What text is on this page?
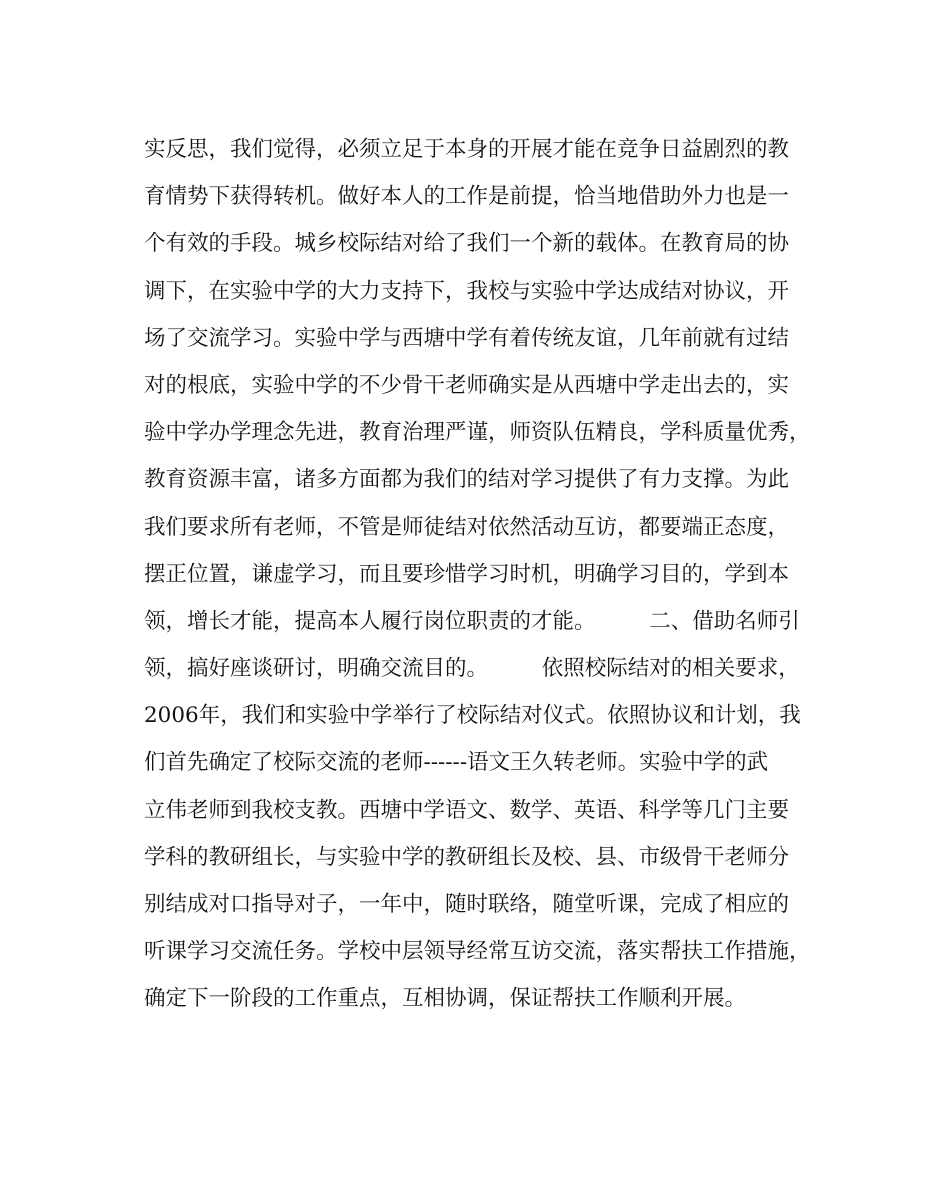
实反思，我们觉得，必须立足于本身的开展才能在竞争日益剧烈的教
育情势下获得转机。做好本人的工作是前提，恰当地借助外力也是一
个有效的手段。城乡校际结对给了我们一个新的载体。在教育局的协
调下，在实验中学的大力支持下，我校与实验中学达成结对协议，开
场了交流学习。实验中学与西塘中学有着传统友谊，几年前就有过结
对的根底，实验中学的不少骨干老师确实是从西塘中学走出去的，实
验中学办学理念先进，教育治理严谨，师资队伍精良，学科质量优秀，
教育资源丰富，诸多方面都为我们的结对学习提供了有力支撑。为此
我们要求所有老师，不管是师徒结对依然活动互访，都要端正态度，
摆正位置，谦虚学习，而且要珍惜学习时机，明确学习目的，学到本
领，增长才能，提高本人履行岗位职责的才能。　　　二、借助名师引
领，搞好座谈研讨，明确交流目的。　　　依照校际结对的相关要求，
2006年，我们和实验中学举行了校际结对仪式。依照协议和计划，我
们首先确定了校际交流的老师------语文王久转老师。实验中学的武
立伟老师到我校支教。西塘中学语文、数学、英语、科学等几门主要
学科的教研组长，与实验中学的教研组长及校、县、市级骨干老师分
别结成对口指导对子，一年中，随时联络，随堂听课，完成了相应的
听课学习交流任务。学校中层领导经常互访交流，落实帮扶工作措施，
确定下一阶段的工作重点，互相协调，保证帮扶工作顺利开展。
